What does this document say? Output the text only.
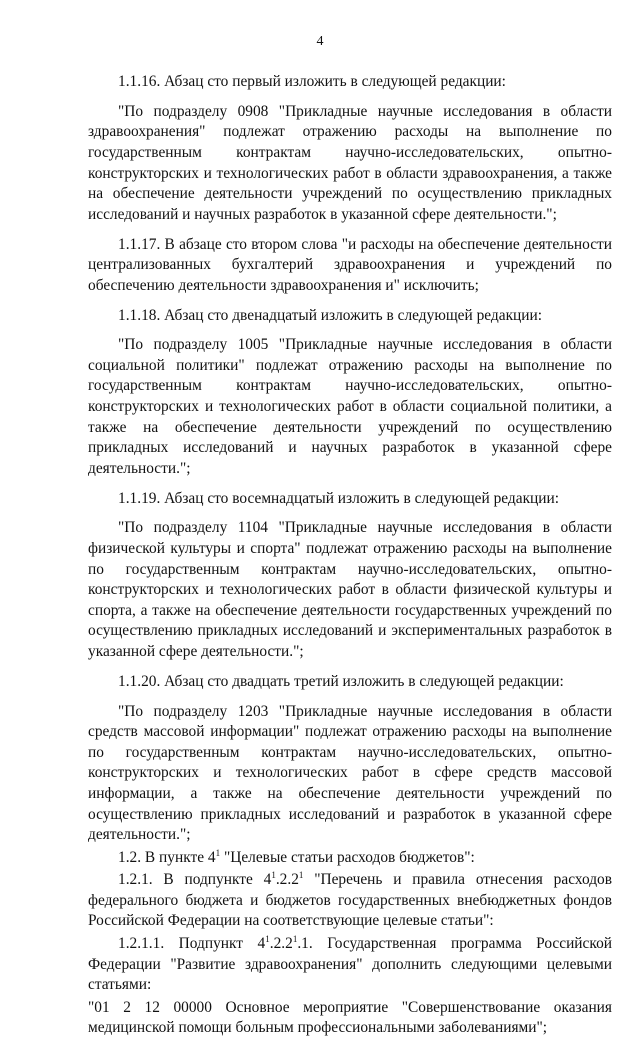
4

1.1.16. Абзац сто первый изложить в следующей редакции:

"По подразделу 0908 "Прикладные научные исследования в области здравоохранения" подлежат отражению расходы на выполнение по государственным контрактам научно-исследовательских, опытно-конструкторских и технологических работ в области здравоохранения, а также на обеспечение деятельности учреждений по осуществлению прикладных исследований и научных разработок в указанной сфере деятельности.";

1.1.17. В абзаце сто втором слова "и расходы на обеспечение деятельности централизованных бухгалтерий здравоохранения и учреждений по обеспечению деятельности здравоохранения и" исключить;

1.1.18. Абзац сто двенадцатый изложить в следующей редакции:

"По подразделу 1005 "Прикладные научные исследования в области социальной политики" подлежат отражению расходы на выполнение по государственным контрактам научно-исследовательских, опытно-конструкторских и технологических работ в области социальной политики, а также на обеспечение деятельности учреждений по осуществлению прикладных исследований и научных разработок в указанной сфере деятельности.";

1.1.19. Абзац сто восемнадцатый изложить в следующей редакции:

"По подразделу 1104 "Прикладные научные исследования в области физической культуры и спорта" подлежат отражению расходы на выполнение по государственным контрактам научно-исследовательских, опытно-конструкторских и технологических работ в области физической культуры и спорта, а также на обеспечение деятельности государственных учреждений по осуществлению прикладных исследований и экспериментальных разработок в указанной сфере деятельности.";

1.1.20. Абзац сто двадцать третий изложить в следующей редакции:

"По подразделу 1203 "Прикладные научные исследования в области средств массовой информации" подлежат отражению расходы на выполнение по государственным контрактам научно-исследовательских, опытно-конструкторских и технологических работ в сфере средств массовой информации, а также на обеспечение деятельности учреждений по осуществлению прикладных исследований и разработок в указанной сфере деятельности.";

1.2. В пункте $4^1$ "Целевые статьи расходов бюджетов":

1.2.1. В подпункте $4^1.2.2^1$ "Перечень и правила отнесения расходов федерального бюджета и бюджетов государственных внебюджетных фондов Российской Федерации на соответствующие целевые статьи":

1.2.1.1. Подпункт $4^1.2.2^1.1$. Государственная программа Российской Федерации "Развитие здравоохранения" дополнить следующими целевыми статьями:

"01 2 12 00000 Основное мероприятие "Совершенствование оказания медицинской помощи больным профессиональными заболеваниями";
